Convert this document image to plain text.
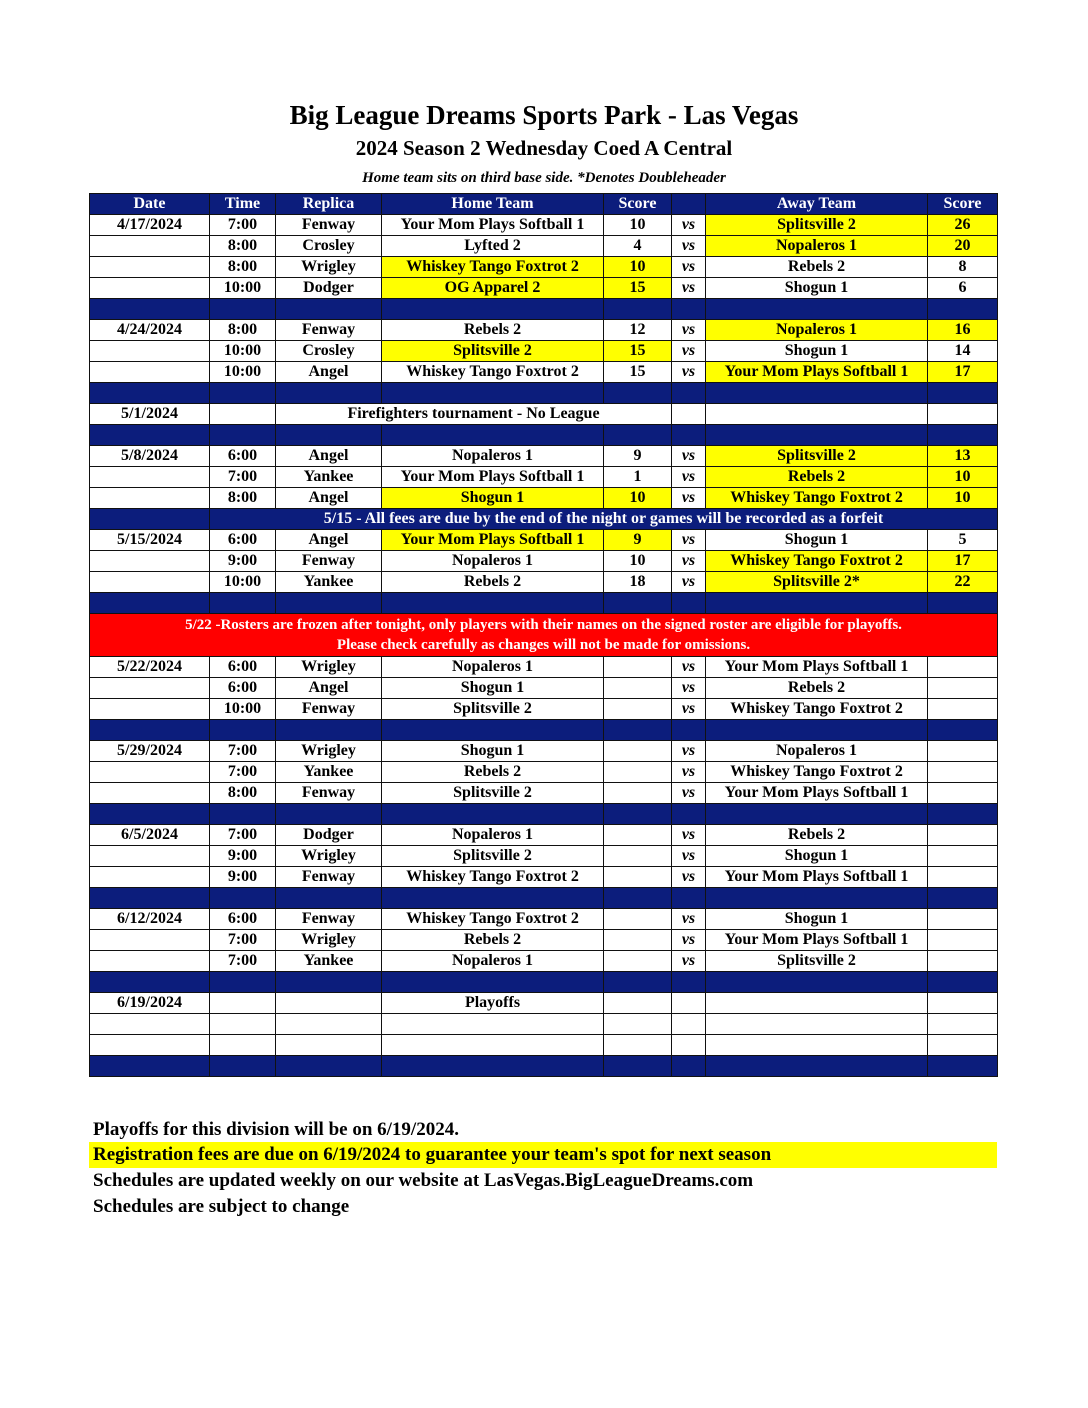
Big League Dreams Sports Park - Las Vegas
2024 Season 2 Wednesday Coed A Central
Home team sits on third base side. *Denotes Doubleheader
Date	Time	Replica	Home Team	Score		Away Team	Score
4/17/2024	7:00	Fenway	Your Mom Plays Softball 1	10	vs	Splitsville 2	26
	8:00	Crosley	Lyfted 2	4	vs	Nopaleros 1	20
	8:00	Wrigley	Whiskey Tango Foxtrot 2	10	vs	Rebels 2	8
	10:00	Dodger	OG Apparel 2	15	vs	Shogun 1	6

4/24/2024	8:00	Fenway	Rebels 2	12	vs	Nopaleros 1	16
	10:00	Crosley	Splitsville 2	15	vs	Shogun 1	14
	10:00	Angel	Whiskey Tango Foxtrot 2	15	vs	Your Mom Plays Softball 1	17

5/1/2024		Firefighters tournament - No League					

5/8/2024	6:00	Angel	Nopaleros 1	9	vs	Splitsville 2	13
	7:00	Yankee	Your Mom Plays Softball 1	1	vs	Rebels 2	10
	8:00	Angel	Shogun 1	10	vs	Whiskey Tango Foxtrot 2	10
	5/15 - All fees are due by the end of the night or games will be recorded as a forfeit						
5/15/2024	6:00	Angel	Your Mom Plays Softball 1	9	vs	Shogun 1	5
	9:00	Fenway	Nopaleros 1	10	vs	Whiskey Tango Foxtrot 2	17
	10:00	Yankee	Rebels 2	18	vs	Splitsville 2*	22

5/22 -Rosters are frozen after tonight, only players with their names on the signed roster are eligible for playoffs.
Please check carefully as changes will not be made for omissions.							

5/22/2024	6:00	Wrigley	Nopaleros 1		vs	Your Mom Plays Softball 1	
	6:00	Angel	Shogun 1		vs	Rebels 2	
	10:00	Fenway	Splitsville 2		vs	Whiskey Tango Foxtrot 2	

5/29/2024	7:00	Wrigley	Shogun 1		vs	Nopaleros 1	
	7:00	Yankee	Rebels 2		vs	Whiskey Tango Foxtrot 2	
	8:00	Fenway	Splitsville 2		vs	Your Mom Plays Softball 1	

6/5/2024	7:00	Dodger	Nopaleros 1		vs	Rebels 2	
	9:00	Wrigley	Splitsville 2		vs	Shogun 1	
	9:00	Fenway	Whiskey Tango Foxtrot 2		vs	Your Mom Plays Softball 1	

6/12/2024	6:00	Fenway	Whiskey Tango Foxtrot 2		vs	Shogun 1	
	7:00	Wrigley	Rebels 2		vs	Your Mom Plays Softball 1	
	7:00	Yankee	Nopaleros 1		vs	Splitsville 2	

6/19/2024			Playoffs				

Playoffs for this division will be on 6/19/2024.
Registration fees are due on 6/19/2024 to guarantee your team's spot for next season
Schedules are updated weekly on our website at LasVegas.BigLeagueDreams.com
Schedules are subject to change
